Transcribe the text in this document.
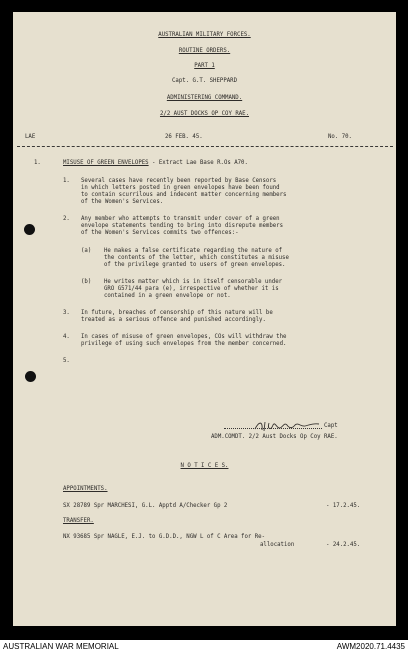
AUSTRALIAN MILITARY FORCES.
ROUTINE ORDERS.
PART 1
Capt. G.T. SHEPPARD
ADMINISTERING COMMAND.
2/2 AUST DOCKS OP COY RAE.
LAE	26 FEB. 45.	No. 70.
1.	MISUSE OF GREEN ENVELOPES - Extract Lae Base R.Os A70.
1. Several cases have recently been reported by Base Censors
in which letters posted in green envelopes have been found
to contain scurrilous and indecent matter concerning members
of the Women's Services.
2. Any member who attempts to transmit under cover of a green
envelope statements tending to bring into disrepute members
of the Women's Services commits two offences:-
(a) He makes a false certificate regarding the nature of
the contents of the letter, which constitutes a misuse
of the privilege granted to users of green envelopes.
(b) He writes matter which is in itself censorable under
GRO G571/44 para (e), irrespective of whether it is
contained in a green envelope or not.
3. In future, breaches of censorship of this nature will be
treated as a serious offence and punished accordingly.
4. In cases of misuse of green envelopes, COs will withdraw the
privilege of using such envelopes from the member concerned.
5.
Capt
ADM.COMDT. 2/2 Aust Docks Op Coy RAE.
N O T I C E S.
APPOINTMENTS.
SX 28789 Spr MARCHESI, G.L. Apptd A/Checker Gp 2	- 17.2.45.
TRANSFER.
NX 93685 Spr NAGLE, E.J. to G.D.D., NGW L of C Area for Re-
allocation	- 24.2.45.
AUSTRALIAN WAR MEMORIAL	AWM2020.71.4435
